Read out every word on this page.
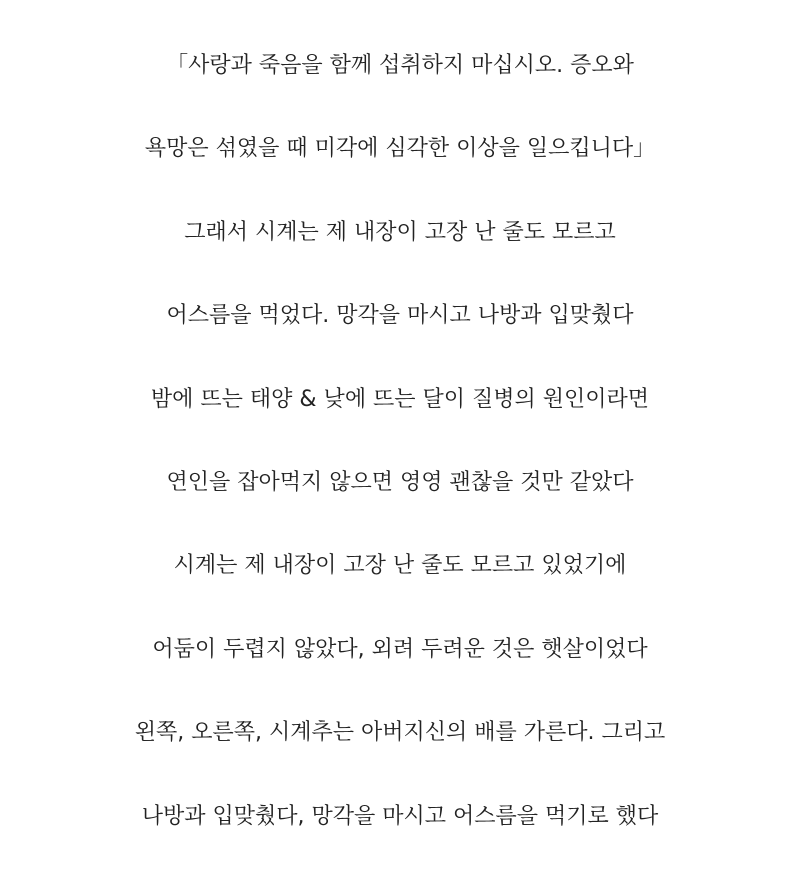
「사랑과 죽음을 함께 섭취하지 마십시오. 증오와
욕망은 섞였을 때 미각에 심각한 이상을 일으킵니다」
그래서 시계는 제 내장이 고장 난 줄도 모르고
어스름을 먹었다. 망각을 마시고 나방과 입맞췄다
밤에 뜨는 태양 & 낮에 뜨는 달이 질병의 원인이라면
연인을 잡아먹지 않으면 영영 괜찮을 것만 같았다
시계는 제 내장이 고장 난 줄도 모르고 있었기에
어둠이 두렵지 않았다, 외려 두려운 것은 햇살이었다
왼쪽, 오른쪽, 시계추는 아버지신의 배를 가른다. 그리고
나방과 입맞췄다, 망각을 마시고 어스름을 먹기로 했다
